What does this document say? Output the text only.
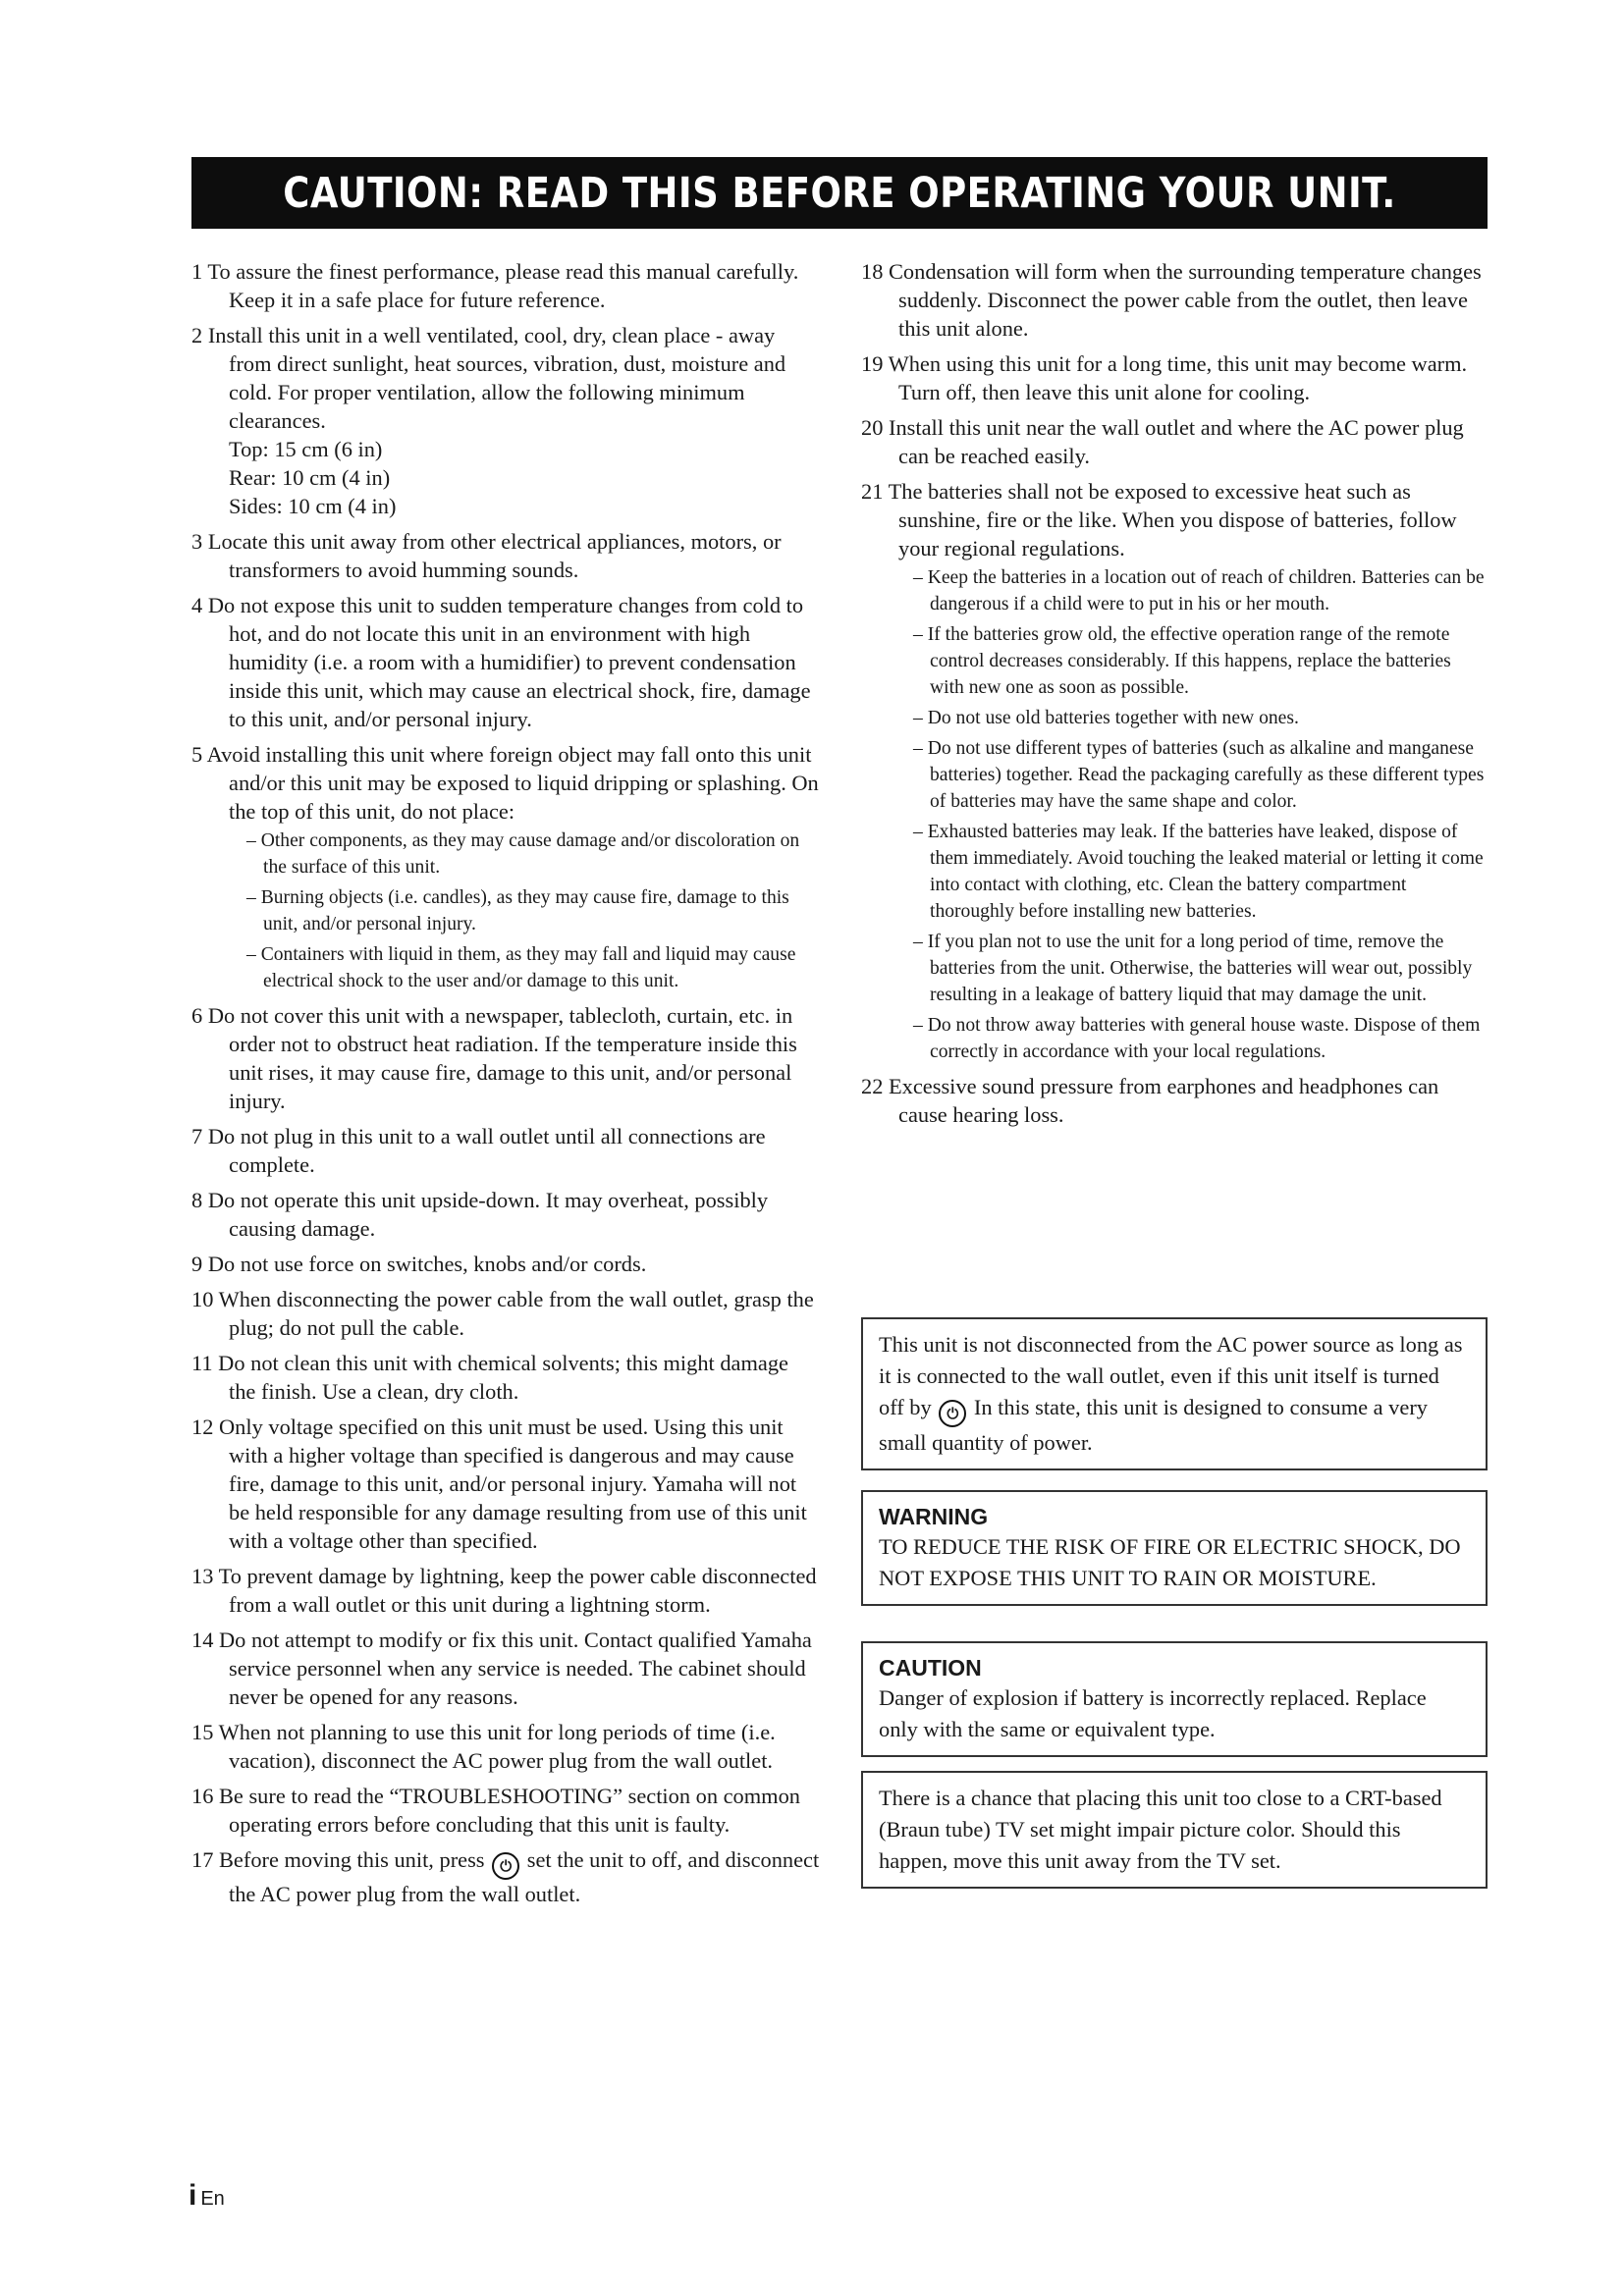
CAUTION: READ THIS BEFORE OPERATING YOUR UNIT.
1 To assure the finest performance, please read this manual carefully. Keep it in a safe place for future reference.
2 Install this unit in a well ventilated, cool, dry, clean place - away from direct sunlight, heat sources, vibration, dust, moisture and cold. For proper ventilation, allow the following minimum clearances.
Top: 15 cm (6 in)
Rear: 10 cm (4 in)
Sides: 10 cm (4 in)
3 Locate this unit away from other electrical appliances, motors, or transformers to avoid humming sounds.
4 Do not expose this unit to sudden temperature changes from cold to hot, and do not locate this unit in an environment with high humidity (i.e. a room with a humidifier) to prevent condensation inside this unit, which may cause an electrical shock, fire, damage to this unit, and/or personal injury.
5 Avoid installing this unit where foreign object may fall onto this unit and/or this unit may be exposed to liquid dripping or splashing. On the top of this unit, do not place:
– Other components, as they may cause damage and/or discoloration on the surface of this unit.
– Burning objects (i.e. candles), as they may cause fire, damage to this unit, and/or personal injury.
– Containers with liquid in them, as they may fall and liquid may cause electrical shock to the user and/or damage to this unit.
6 Do not cover this unit with a newspaper, tablecloth, curtain, etc. in order not to obstruct heat radiation. If the temperature inside this unit rises, it may cause fire, damage to this unit, and/or personal injury.
7 Do not plug in this unit to a wall outlet until all connections are complete.
8 Do not operate this unit upside-down. It may overheat, possibly causing damage.
9 Do not use force on switches, knobs and/or cords.
10 When disconnecting the power cable from the wall outlet, grasp the plug; do not pull the cable.
11 Do not clean this unit with chemical solvents; this might damage the finish. Use a clean, dry cloth.
12 Only voltage specified on this unit must be used. Using this unit with a higher voltage than specified is dangerous and may cause fire, damage to this unit, and/or personal injury. Yamaha will not be held responsible for any damage resulting from use of this unit with a voltage other than specified.
13 To prevent damage by lightning, keep the power cable disconnected from a wall outlet or this unit during a lightning storm.
14 Do not attempt to modify or fix this unit. Contact qualified Yamaha service personnel when any service is needed. The cabinet should never be opened for any reasons.
15 When not planning to use this unit for long periods of time (i.e. vacation), disconnect the AC power plug from the wall outlet.
16 Be sure to read the “TROUBLESHOOTING” section on common operating errors before concluding that this unit is faulty.
17 Before moving this unit, press ⏻ set the unit to off, and disconnect the AC power plug from the wall outlet.
18 Condensation will form when the surrounding temperature changes suddenly. Disconnect the power cable from the outlet, then leave this unit alone.
19 When using this unit for a long time, this unit may become warm. Turn off, then leave this unit alone for cooling.
20 Install this unit near the wall outlet and where the AC power plug can be reached easily.
21 The batteries shall not be exposed to excessive heat such as sunshine, fire or the like. When you dispose of batteries, follow your regional regulations.
– Keep the batteries in a location out of reach of children. Batteries can be dangerous if a child were to put in his or her mouth.
– If the batteries grow old, the effective operation range of the remote control decreases considerably. If this happens, replace the batteries with new one as soon as possible.
– Do not use old batteries together with new ones.
– Do not use different types of batteries (such as alkaline and manganese batteries) together. Read the packaging carefully as these different types of batteries may have the same shape and color.
– Exhausted batteries may leak. If the batteries have leaked, dispose of them immediately. Avoid touching the leaked material or letting it come into contact with clothing, etc. Clean the battery compartment thoroughly before installing new batteries.
– If you plan not to use the unit for a long period of time, remove the batteries from the unit. Otherwise, the batteries will wear out, possibly resulting in a leakage of battery liquid that may damage the unit.
– Do not throw away batteries with general house waste. Dispose of them correctly in accordance with your local regulations.
22 Excessive sound pressure from earphones and headphones can cause hearing loss.
This unit is not disconnected from the AC power source as long as it is connected to the wall outlet, even if this unit itself is turned off by ⏻ In this state, this unit is designed to consume a very small quantity of power.
WARNING
TO REDUCE THE RISK OF FIRE OR ELECTRIC SHOCK, DO NOT EXPOSE THIS UNIT TO RAIN OR MOISTURE.
CAUTION
Danger of explosion if battery is incorrectly replaced. Replace only with the same or equivalent type.
There is a chance that placing this unit too close to a CRT-based (Braun tube) TV set might impair picture color. Should this happen, move this unit away from the TV set.
i En
